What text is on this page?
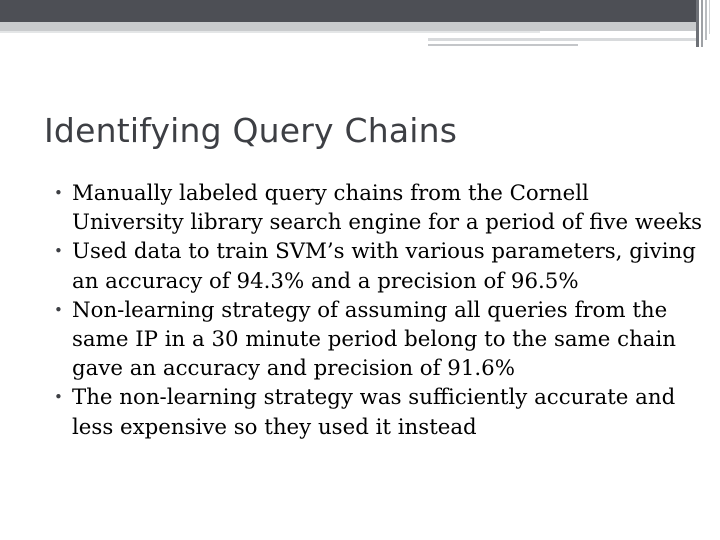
Identifying Query Chains
• Manually labeled query chains from the Cornell University library search engine for a period of five weeks
• Used data to train SVM’s with various parameters, giving an accuracy of 94.3% and a precision of 96.5%
• Non-learning strategy of assuming all queries from the same IP in a 30 minute period belong to the same chain gave an accuracy and precision of 91.6%
• The non-learning strategy was sufficiently accurate and less expensive so they used it instead
